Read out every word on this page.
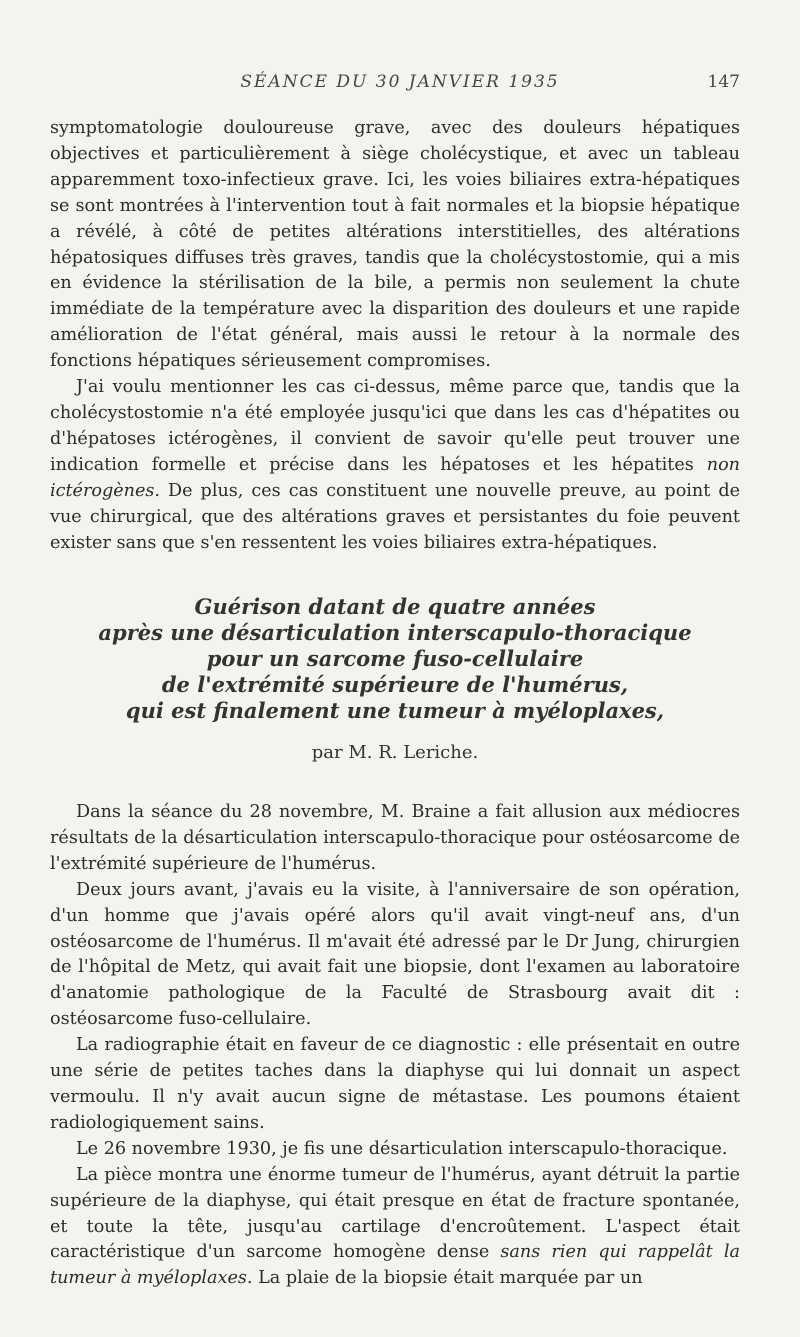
SÉANCE DU 30 JANVIER 1935	147

symptomatologie douloureuse grave, avec des douleurs hépatiques objectives et particulièrement à siège cholécystique, et avec un tableau apparemment toxo-infectieux grave. Ici, les voies biliaires extra-hépatiques se sont montrées à l'intervention tout à fait normales et la biopsie hépatique a révélé, à côté de petites altérations interstitielles, des altérations hépatosiques diffuses très graves, tandis que la cholécystostomie, qui a mis en évidence la stérilisation de la bile, a permis non seulement la chute immédiate de la température avec la disparition des douleurs et une rapide amélioration de l'état général, mais aussi le retour à la normale des fonctions hépatiques sérieusement compromises.

J'ai voulu mentionner les cas ci-dessus, même parce que, tandis que la cholécystostomie n'a été employée jusqu'ici que dans les cas d'hépatites ou d'hépatoses ictérogènes, il convient de savoir qu'elle peut trouver une indication formelle et précise dans les hépatoses et les hépatites non ictérogènes. De plus, ces cas constituent une nouvelle preuve, au point de vue chirurgical, que des altérations graves et persistantes du foie peuvent exister sans que s'en ressentent les voies biliaires extra-hépatiques.

Guérison datant de quatre années
après une désarticulation interscapulo-thoracique
pour un sarcome fuso-cellulaire
de l'extrémité supérieure de l'humérus,
qui est finalement une tumeur à myéloplaxes,
par M. R. Leriche.

Dans la séance du 28 novembre, M. Braine a fait allusion aux médiocres résultats de la désarticulation interscapulo-thoracique pour ostéosarcome de l'extrémité supérieure de l'humérus.

Deux jours avant, j'avais eu la visite, à l'anniversaire de son opération, d'un homme que j'avais opéré alors qu'il avait vingt-neuf ans, d'un ostéosarcome de l'humérus. Il m'avait été adressé par le Dr Jung, chirurgien de l'hôpital de Metz, qui avait fait une biopsie, dont l'examen au laboratoire d'anatomie pathologique de la Faculté de Strasbourg avait dit : ostéosarcome fuso-cellulaire.

La radiographie était en faveur de ce diagnostic : elle présentait en outre une série de petites taches dans la diaphyse qui lui donnait un aspect vermoulu. Il n'y avait aucun signe de métastase. Les poumons étaient radiologiquement sains.

Le 26 novembre 1930, je fis une désarticulation interscapulo-thoracique.

La pièce montra une énorme tumeur de l'humérus, ayant détruit la partie supérieure de la diaphyse, qui était presque en état de fracture spontanée, et toute la tête, jusqu'au cartilage d'encroûtement. L'aspect était caractéristique d'un sarcome homogène dense sans rien qui rappelât la tumeur à myéloplaxes. La plaie de la biopsie était marquée par un
